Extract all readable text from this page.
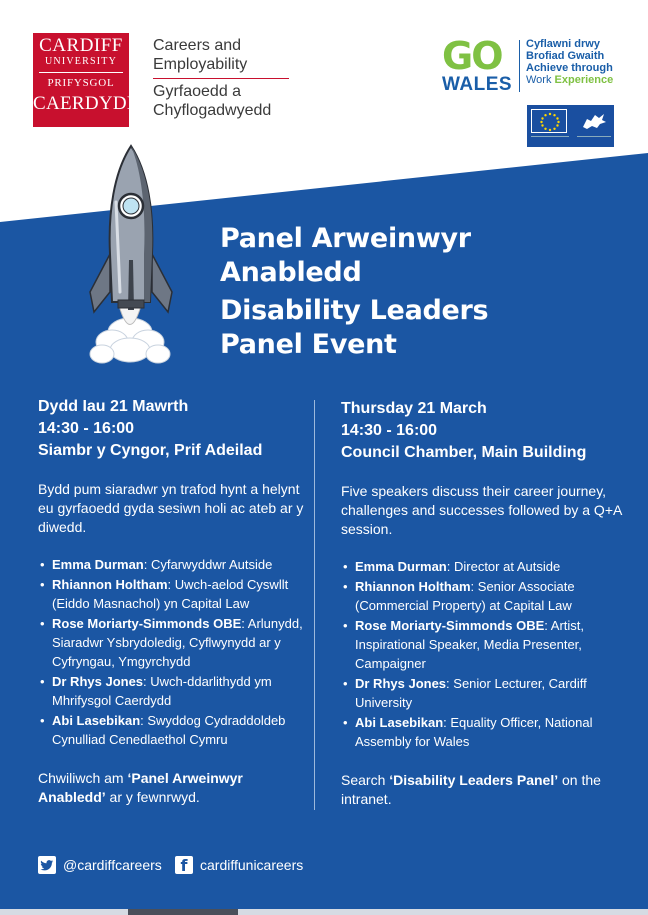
CARDIFF
UNIVERSITY
PRIFYSGOL
CAERDYDD
Careers and
Employability
Gyrfaoedd a
Chyflogadwyedd
GO
WALES
Cyflawni drwy
Brofiad Gwaith
Achieve through
Work Experience
Panel Arweinwyr
Anabledd
Disability Leaders
Panel Event
Dydd Iau 21 Mawrth
14:30 - 16:00
Siambr y Cyngor, Prif Adeilad

Bydd pum siaradwr yn trafod hynt a helynt eu gyrfaoedd gyda sesiwn holi ac ateb ar y diwedd.

• Emma Durman: Cyfarwyddwr Autside
• Rhiannon Holtham: Uwch-aelod Cyswllt (Eiddo Masnachol) yn Capital Law
• Rose Moriarty-Simmonds OBE: Arlunydd, Siaradwr Ysbrydoledig, Cyflwynydd ar y Cyfryngau, Ymgyrchydd
• Dr Rhys Jones: Uwch-ddarlithydd ym Mhrifysgol Caerdydd
• Abi Lasebikan: Swyddog Cydraddoldeb Cynulliad Cenedlaethol Cymru

Chwiliwch am ‘Panel Arweinwyr Anabledd’ ar y fewnrwyd.

Thursday 21 March
14:30 - 16:00
Council Chamber, Main Building

Five speakers discuss their career journey, challenges and successes followed by a Q+A session.

• Emma Durman: Director at Autside
• Rhiannon Holtham: Senior Associate (Commercial Property) at Capital Law
• Rose Moriarty-Simmonds OBE: Artist, Inspirational Speaker, Media Presenter, Campaigner
• Dr Rhys Jones: Senior Lecturer, Cardiff University
• Abi Lasebikan: Equality Officer, National Assembly for Wales

Search ‘Disability Leaders Panel’ on the intranet.

@cardiffcareers	f cardiffunicareers
